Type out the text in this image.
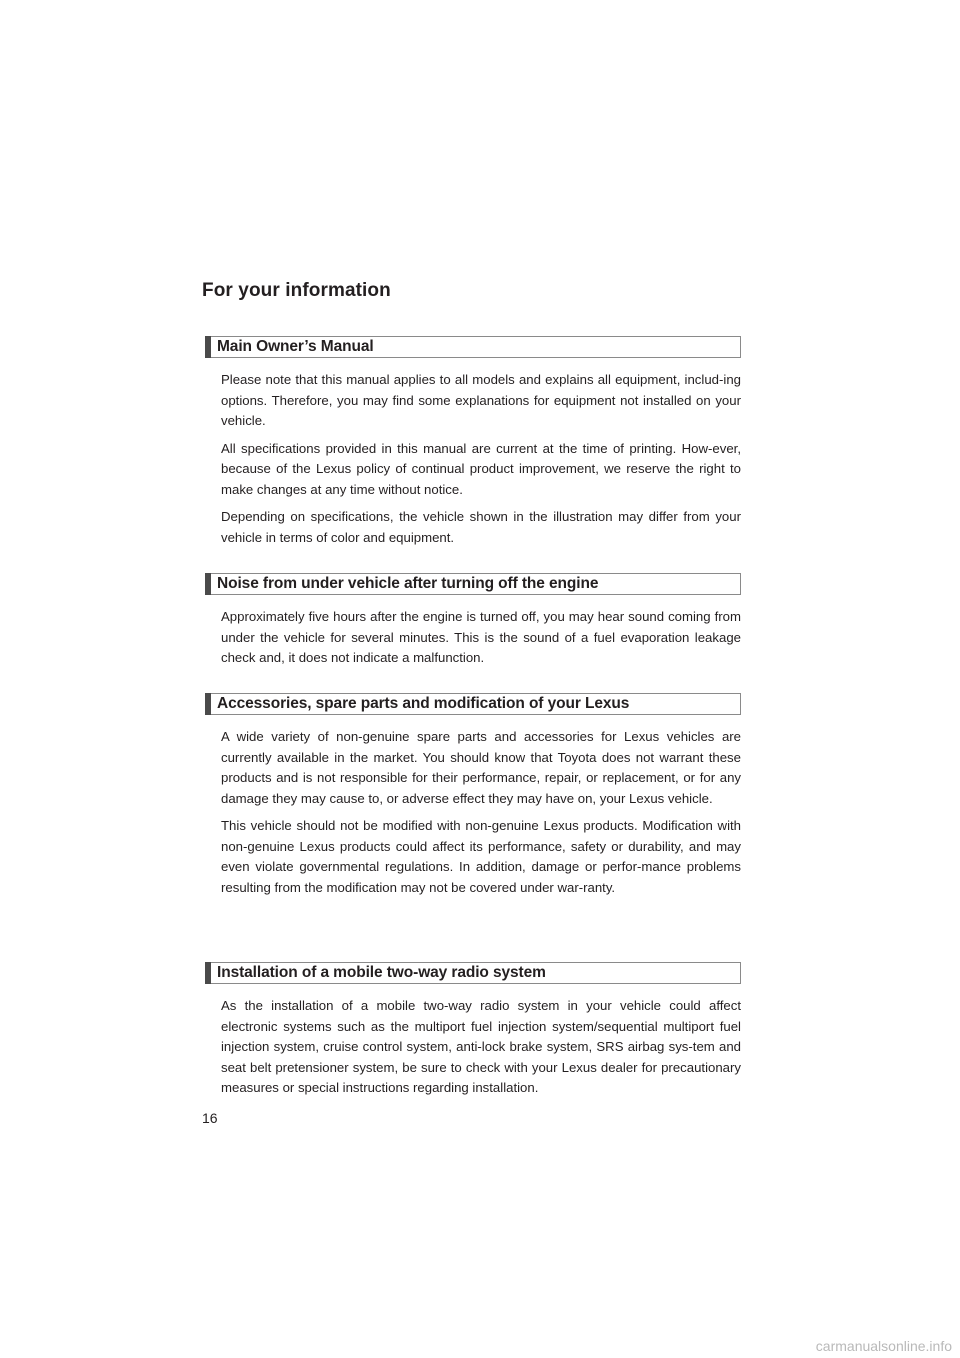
For your information
Main Owner’s Manual

Please note that this manual applies to all models and explains all equipment, includ-ing options. Therefore, you may find some explanations for equipment not installed on your vehicle.

All specifications provided in this manual are current at the time of printing. How-ever, because of the Lexus policy of continual product improvement, we reserve the right to make changes at any time without notice.

Depending on specifications, the vehicle shown in the illustration may differ from your vehicle in terms of color and equipment.

Noise from under vehicle after turning off the engine

Approximately five hours after the engine is turned off, you may hear sound coming from under the vehicle for several minutes. This is the sound of a fuel evaporation leakage check and, it does not indicate a malfunction.

Accessories, spare parts and modification of your Lexus

A wide variety of non-genuine spare parts and accessories for Lexus vehicles are currently available in the market. You should know that Toyota does not warrant these products and is not responsible for their performance, repair, or replacement, or for any damage they may cause to, or adverse effect they may have on, your Lexus vehicle.

This vehicle should not be modified with non-genuine Lexus products. Modification with non-genuine Lexus products could affect its performance, safety or durability, and may even violate governmental regulations. In addition, damage or perfor-mance problems resulting from the modification may not be covered under war-ranty.

Installation of a mobile two-way radio system

As the installation of a mobile two-way radio system in your vehicle could affect electronic systems such as the multiport fuel injection system/sequential multiport fuel injection system, cruise control system, anti-lock brake system, SRS airbag sys-tem and seat belt pretensioner system, be sure to check with your Lexus dealer for precautionary measures or special instructions regarding installation.

16

carmanualsonline.info
